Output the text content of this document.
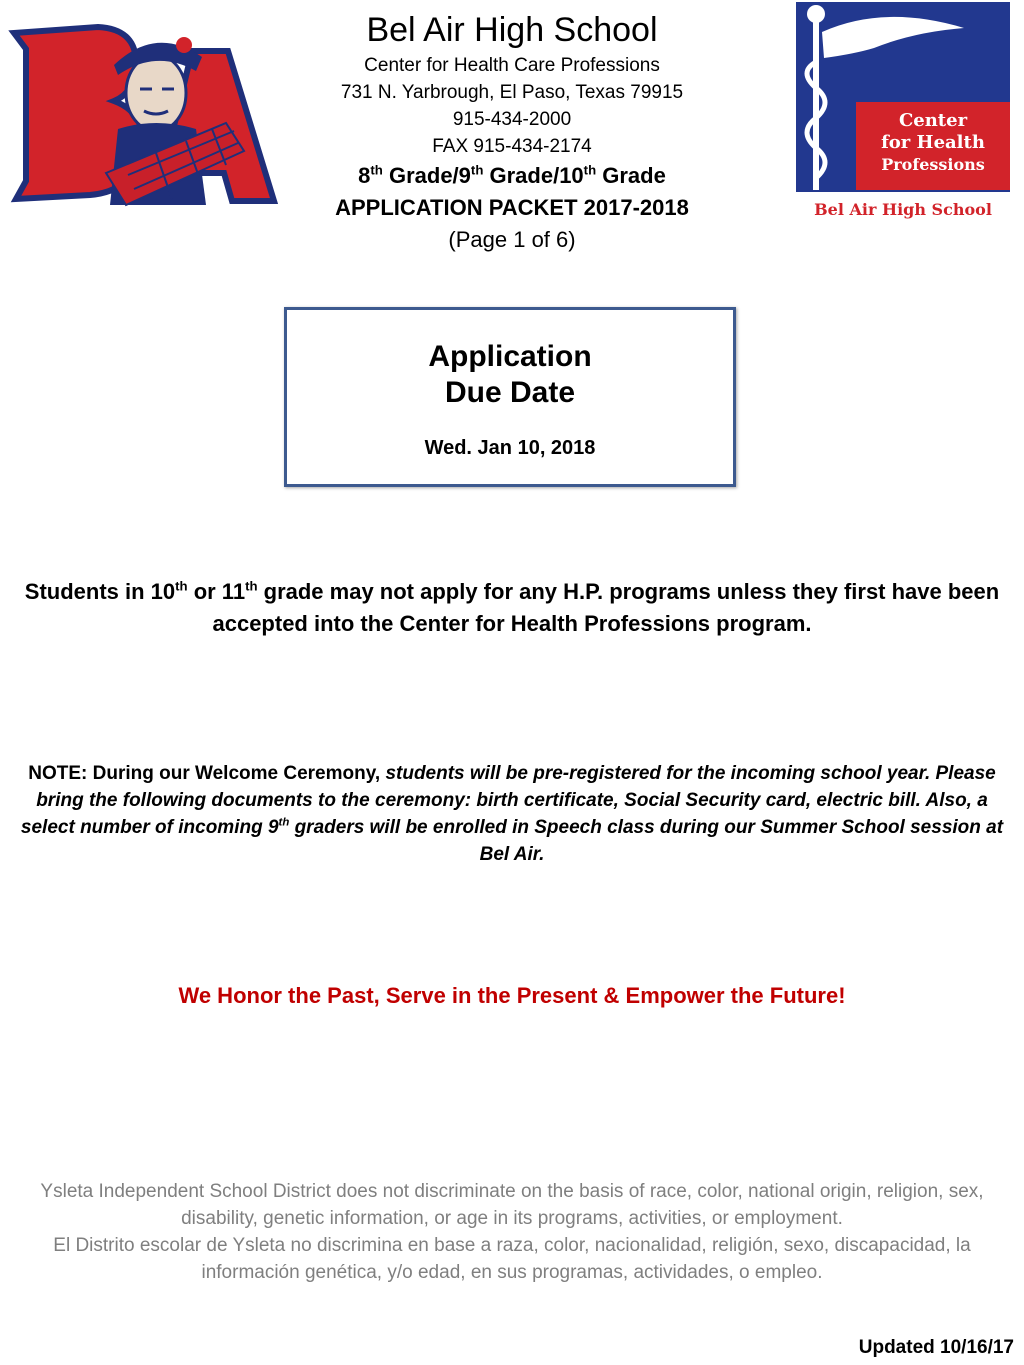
Center
for Health
Professions
Bel Air High School
Bel Air High School
Center for Health Care Professions
731 N. Yarbrough, El Paso, Texas 79915
915-434-2000
FAX 915-434-2174
8th Grade/9th Grade/10th Grade
APPLICATION PACKET 2017-2018
(Page 1 of 6)
Application
Due Date
Wed. Jan 10, 2018
Students in 10th or 11th grade may not apply for any H.P. programs unless they first have been accepted into the Center for Health Professions program.
NOTE: During our Welcome Ceremony, students will be pre-registered for the incoming school year. Please bring the following documents to the ceremony: birth certificate, Social Security card, electric bill. Also, a select number of incoming 9th graders will be enrolled in Speech class during our Summer School session at Bel Air.
We Honor the Past, Serve in the Present & Empower the Future!
Ysleta Independent School District does not discriminate on the basis of race, color, national origin, religion, sex, disability, genetic information, or age in its programs, activities, or employment.
El Distrito escolar de Ysleta no discrimina en base a raza, color, nacionalidad, religión, sexo, discapacidad, la información genética, y/o edad, en sus programas, actividades, o empleo.
Updated 10/16/17
